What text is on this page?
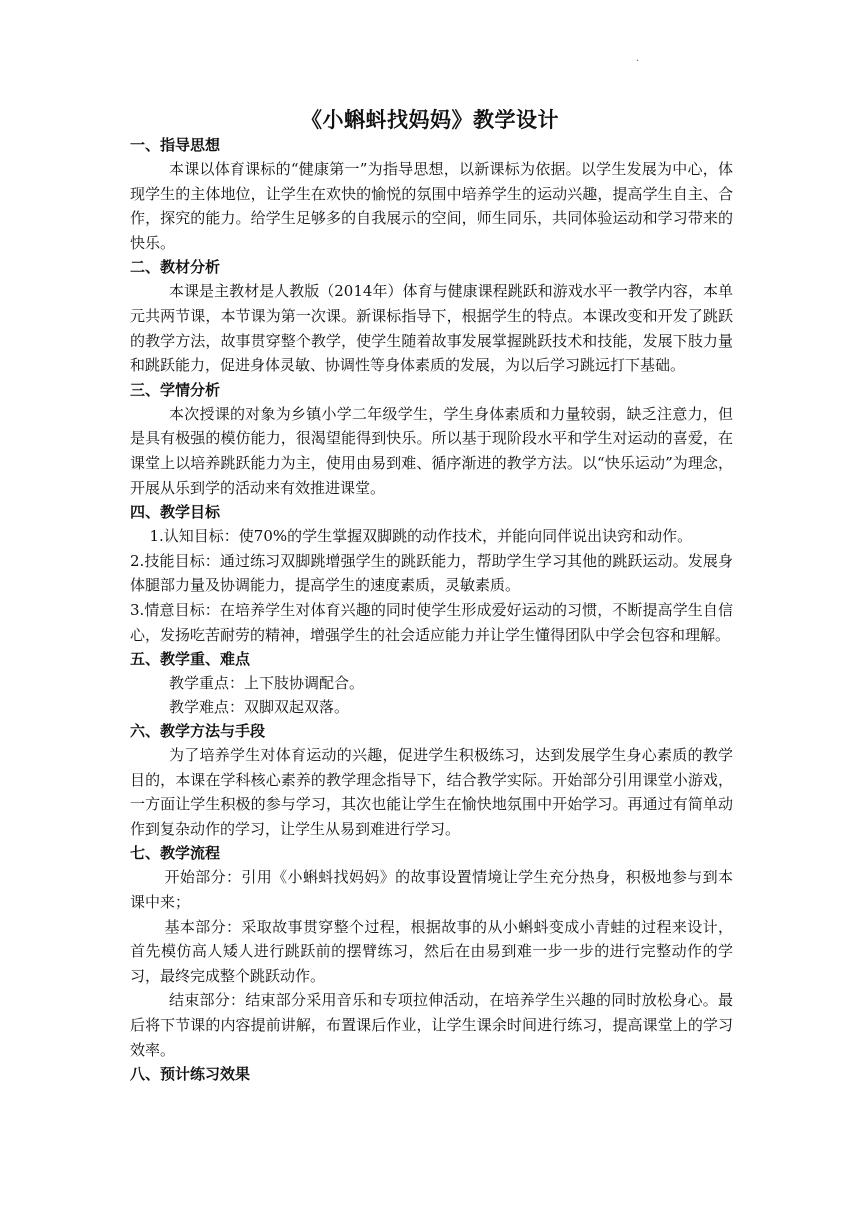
·
《小蝌蚪找妈妈》教学设计
一、指导思想

本课以体育课标的“健康第一”为指导思想，以新课标为依据。以学生发展为中心，体现学生的主体地位，让学生在欢快的愉悦的氛围中培养学生的运动兴趣，提高学生自主、合作，探究的能力。给学生足够多的自我展示的空间，师生同乐，共同体验运动和学习带来的快乐。

二、教材分析

本课是主教材是人教版（2014年）体育与健康课程跳跃和游戏水平一教学内容，本单元共两节课，本节课为第一次课。新课标指导下，根据学生的特点。本课改变和开发了跳跃的教学方法，故事贯穿整个教学，使学生随着故事发展掌握跳跃技术和技能，发展下肢力量和跳跃能力，促进身体灵敏、协调性等身体素质的发展，为以后学习跳远打下基础。

三、学情分析

本次授课的对象为乡镇小学二年级学生，学生身体素质和力量较弱，缺乏注意力，但是具有极强的模仿能力，很渴望能得到快乐。所以基于现阶段水平和学生对运动的喜爱，在课堂上以培养跳跃能力为主，使用由易到难、循序渐进的教学方法。以“快乐运动”为理念，开展从乐到学的活动来有效推进课堂。

四、教学目标

1.认知目标：使70%的学生掌握双脚跳的动作技术，并能向同伴说出诀窍和动作。

2.技能目标：通过练习双脚跳增强学生的跳跃能力，帮助学生学习其他的跳跃运动。发展身体腿部力量及协调能力，提高学生的速度素质，灵敏素质。

3.情意目标：在培养学生对体育兴趣的同时使学生形成爱好运动的习惯，不断提高学生自信心，发扬吃苦耐劳的精神，增强学生的社会适应能力并让学生懂得团队中学会包容和理解。

五、教学重、难点

教学重点：上下肢协调配合。

教学难点：双脚双起双落。

六、教学方法与手段

为了培养学生对体育运动的兴趣，促进学生积极练习，达到发展学生身心素质的教学目的，本课在学科核心素养的教学理念指导下，结合教学实际。开始部分引用课堂小游戏，一方面让学生积极的参与学习，其次也能让学生在愉快地氛围中开始学习。再通过有简单动作到复杂动作的学习，让学生从易到难进行学习。

七、教学流程

开始部分：引用《小蝌蚪找妈妈》的故事设置情境让学生充分热身，积极地参与到本课中来；

基本部分：采取故事贯穿整个过程，根据故事的从小蝌蚪变成小青蛙的过程来设计，首先模仿高人矮人进行跳跃前的摆臂练习，然后在由易到难一步一步的进行完整动作的学习，最终完成整个跳跃动作。

结束部分：结束部分采用音乐和专项拉伸活动，在培养学生兴趣的同时放松身心。最后将下节课的内容提前讲解，布置课后作业，让学生课余时间进行练习，提高课堂上的学习效率。

八、预计练习效果
